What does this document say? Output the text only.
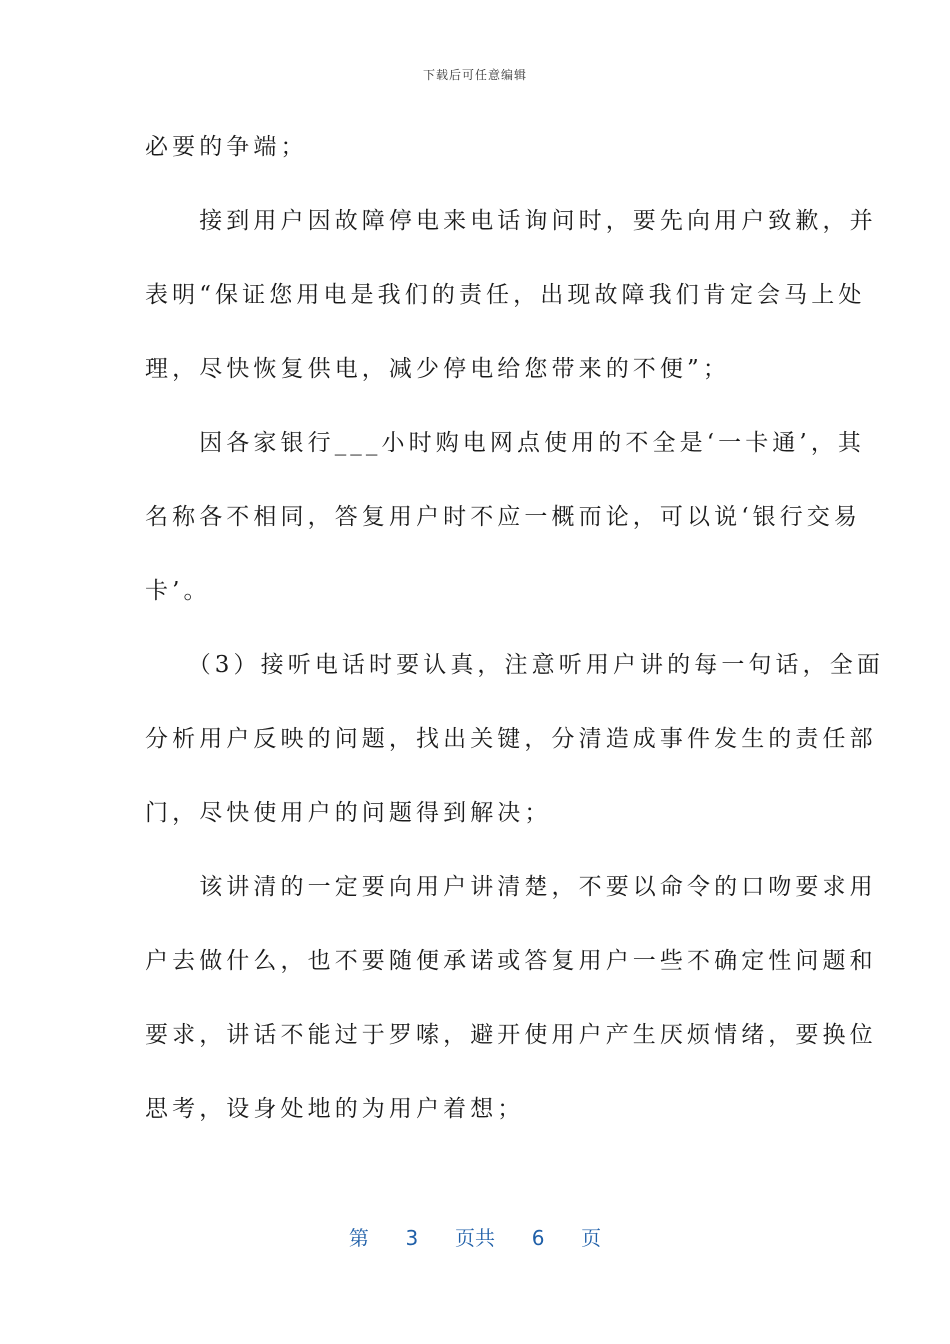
下载后可任意编辑
必要的争端；
　　接到用户因故障停电来电话询问时，要先向用户致歉，并
表明“保证您用电是我们的责任，出现故障我们肯定会马上处
理，尽快恢复供电，减少停电给您带来的不便”；
　　因各家银行___小时购电网点使用的不全是‘一卡通’，其
名称各不相同，答复用户时不应一概而论，可以说‘银行交易
卡’。
　　（3）接听电话时要认真，注意听用户讲的每一句话，全面
分析用户反映的问题，找出关键，分清造成事件发生的责任部
门，尽快使用户的问题得到解决；
　　该讲清的一定要向用户讲清楚，不要以命令的口吻要求用
户去做什么，也不要随便承诺或答复用户一些不确定性问题和
要求，讲话不能过于罗嗦，避开使用户产生厌烦情绪，要换位
思考，设身处地的为用户着想；
第 3 页共 6 页
